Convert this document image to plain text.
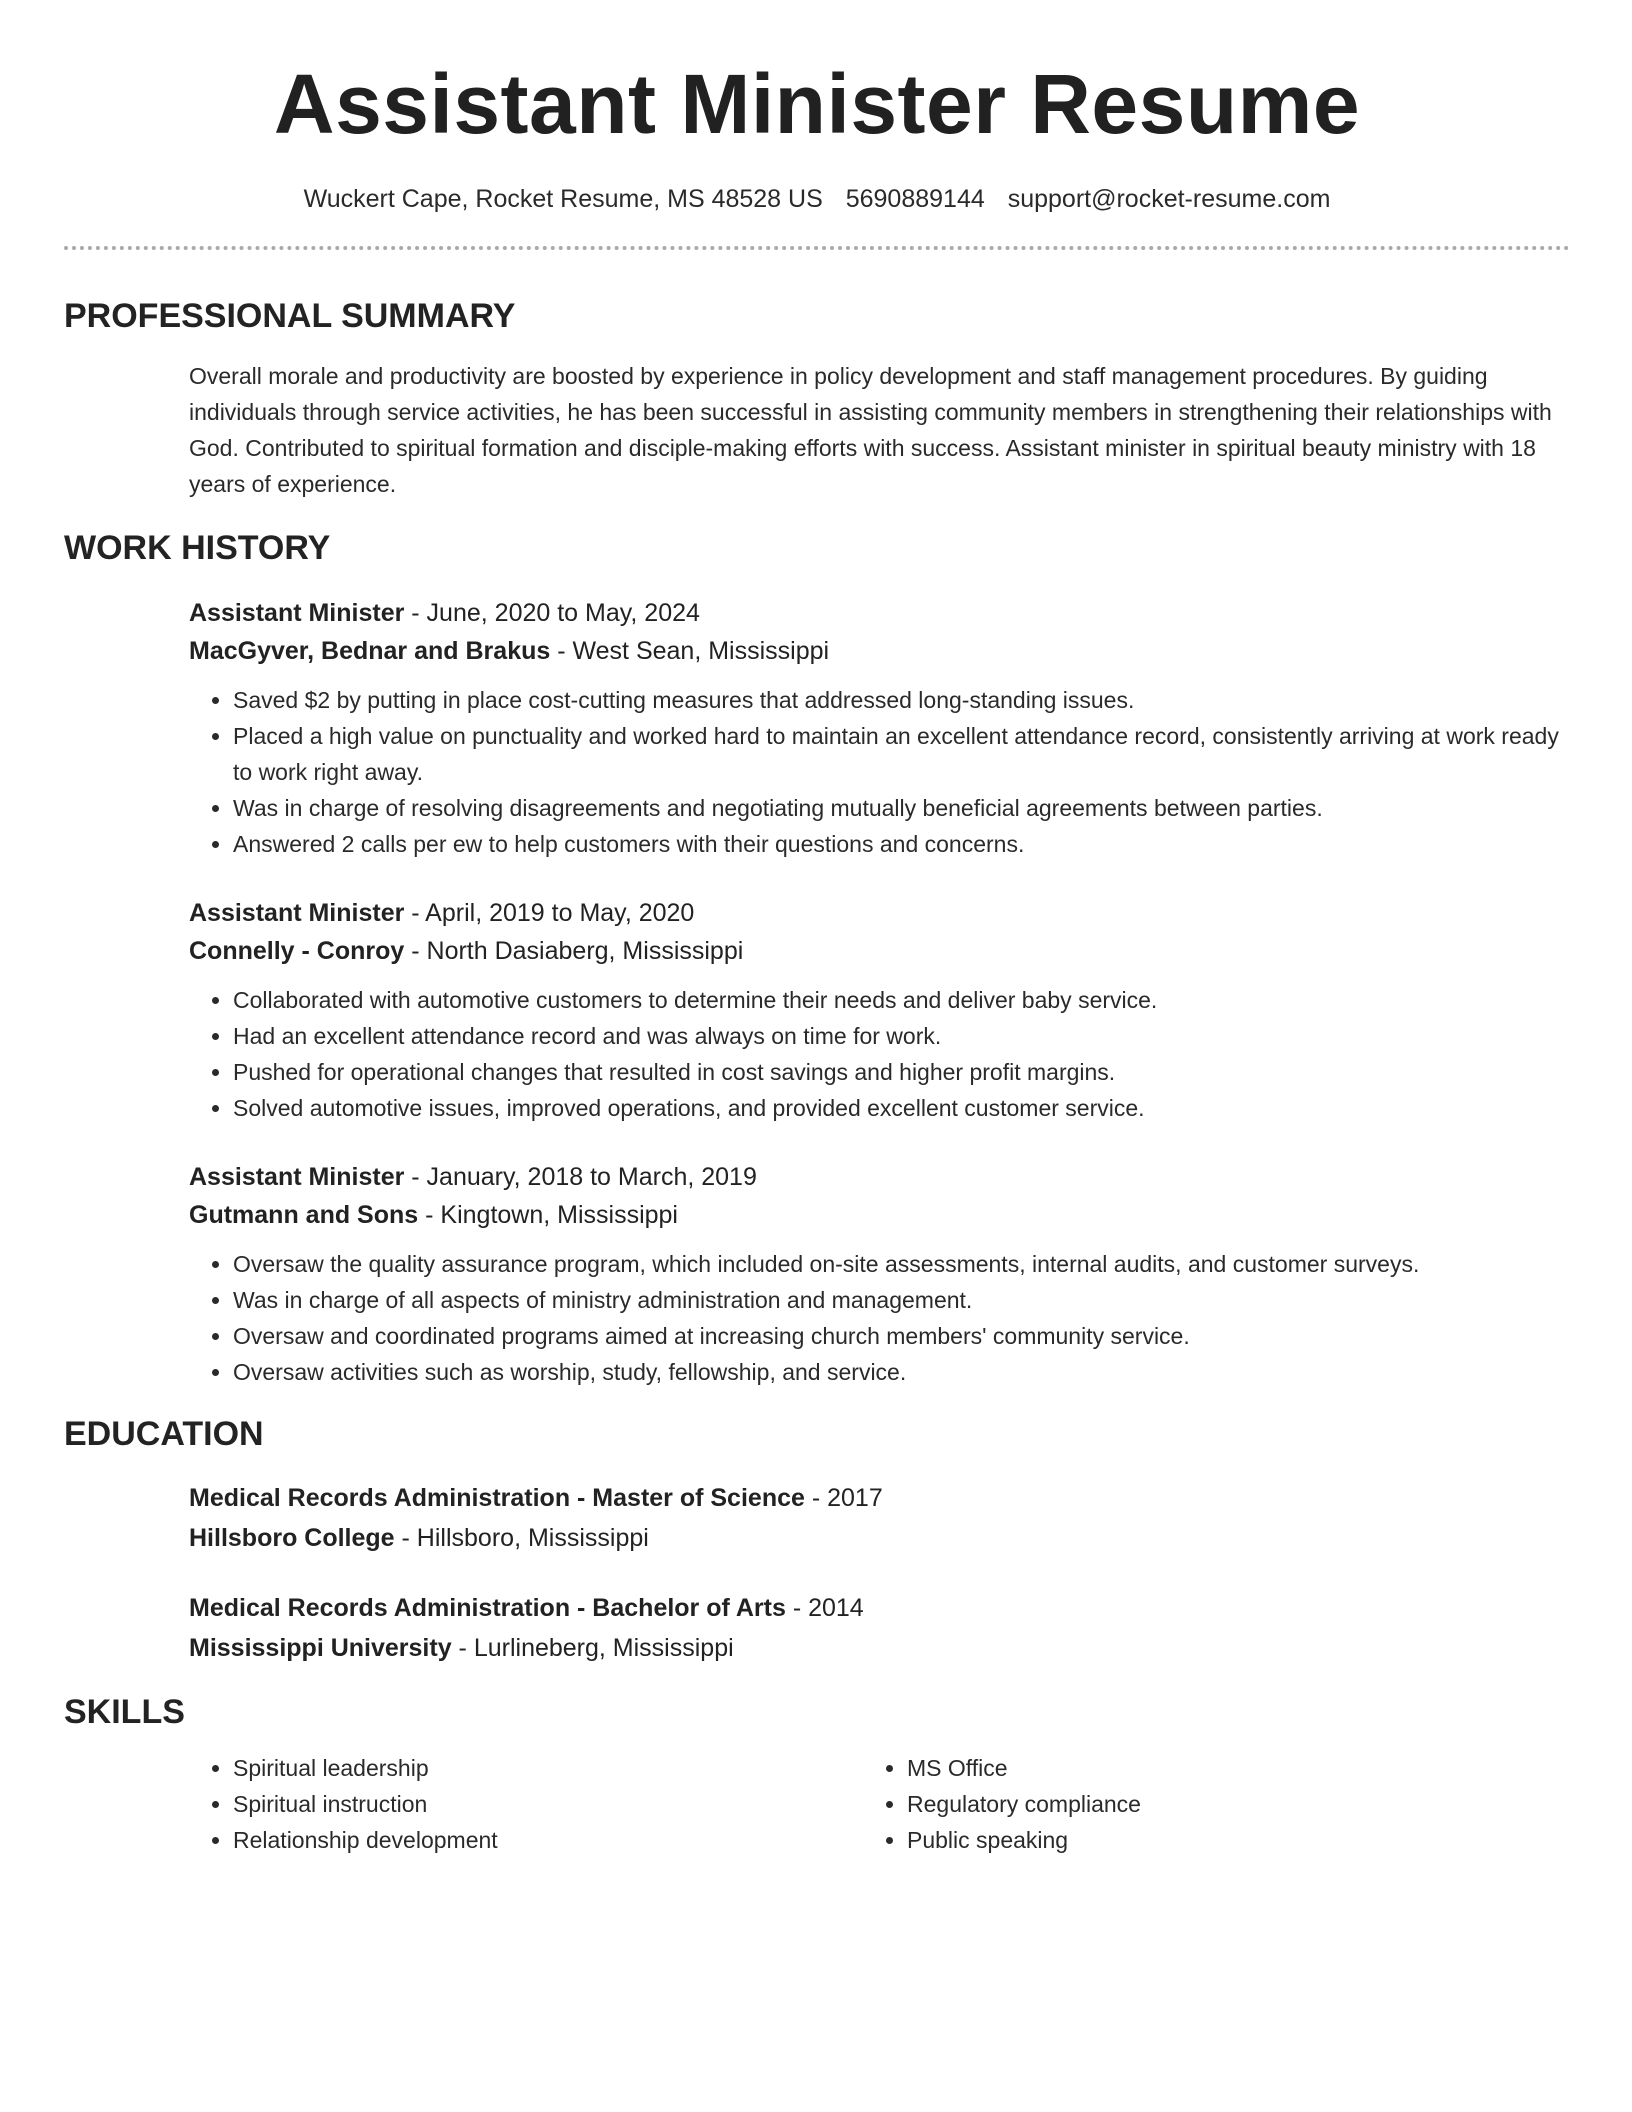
Assistant Minister Resume
Wuckert Cape, Rocket Resume, MS 48528 US 5690889144 support@rocket-resume.com
PROFESSIONAL SUMMARY
Overall morale and productivity are boosted by experience in policy development and staff management procedures. By guiding individuals through service activities, he has been successful in assisting community members in strengthening their relationships with God. Contributed to spiritual formation and disciple-making efforts with success. Assistant minister in spiritual beauty ministry with 18 years of experience.
WORK HISTORY
Assistant Minister - June, 2020 to May, 2024
MacGyver, Bednar and Brakus - West Sean, Mississippi
• Saved $2 by putting in place cost-cutting measures that addressed long-standing issues.
• Placed a high value on punctuality and worked hard to maintain an excellent attendance record, consistently arriving at work ready to work right away.
• Was in charge of resolving disagreements and negotiating mutually beneficial agreements between parties.
• Answered 2 calls per ew to help customers with their questions and concerns.
Assistant Minister - April, 2019 to May, 2020
Connelly - Conroy - North Dasiaberg, Mississippi
• Collaborated with automotive customers to determine their needs and deliver baby service.
• Had an excellent attendance record and was always on time for work.
• Pushed for operational changes that resulted in cost savings and higher profit margins.
• Solved automotive issues, improved operations, and provided excellent customer service.
Assistant Minister - January, 2018 to March, 2019
Gutmann and Sons - Kingtown, Mississippi
• Oversaw the quality assurance program, which included on-site assessments, internal audits, and customer surveys.
• Was in charge of all aspects of ministry administration and management.
• Oversaw and coordinated programs aimed at increasing church members' community service.
• Oversaw activities such as worship, study, fellowship, and service.
EDUCATION
Medical Records Administration - Master of Science - 2017
Hillsboro College - Hillsboro, Mississippi
Medical Records Administration - Bachelor of Arts - 2014
Mississippi University - Lurlineberg, Mississippi
SKILLS
• Spiritual leadership
• Spiritual instruction
• Relationship development
• MS Office
• Regulatory compliance
• Public speaking
